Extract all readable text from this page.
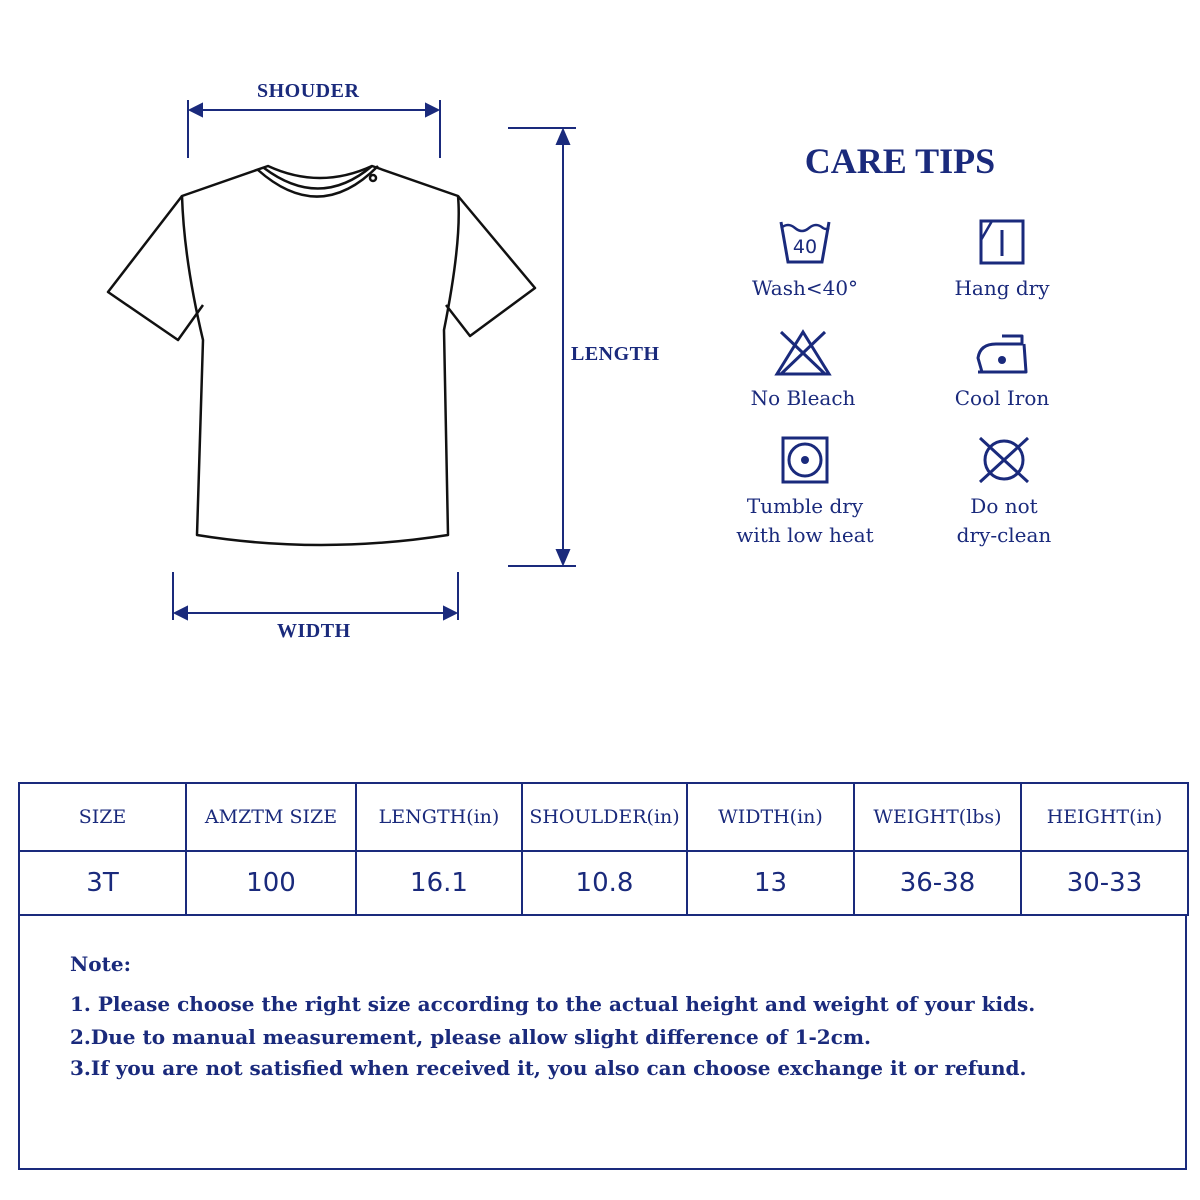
SHOUDER
LENGTH
WIDTH
CARE TIPS
40
Wash<40°	Hang dry
No Bleach	Cool Iron
Tumble dry
with low heat
Do not
dry-clean
SIZE	AMZTM SIZE	LENGTH(in)	SHOULDER(in)	WIDTH(in)	WEIGHT(lbs)	HEIGHT(in)
3T	100	16.1	10.8	13	36-38	30-33
Note:
1. Please choose the right size according to the actual height and weight of your kids.
2.Due to manual measurement, please allow slight difference of 1-2cm.
3.If you are not satisfied when received it, you also can choose exchange it or refund.
